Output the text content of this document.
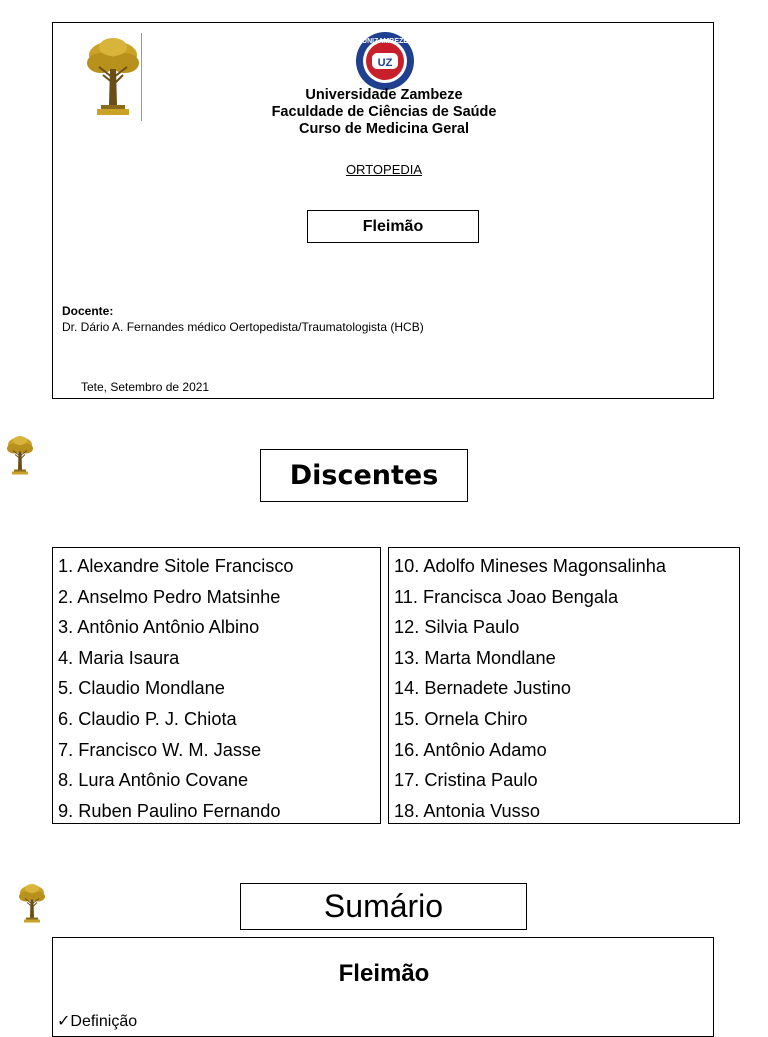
UZ
UNIZAMBEZE
Universidade Zambeze
Faculdade de Ciências de Saúde
Curso de Medicina Geral
ORTOPEDIA
Fleimão
Docente:
Dr. Dário A. Fernandes médico Oertopedista/Traumatologista (HCB)
Tete, Setembro de 2021
Discentes
1. Alexandre Sitole Francisco
2. Anselmo Pedro Matsinhe
3. Antônio Antônio Albino
4. Maria Isaura
5. Claudio Mondlane
6. Claudio P. J. Chiota
7. Francisco W. M. Jasse
8. Lura Antônio Covane
9. Ruben Paulino Fernando
10. Adolfo Mineses Magonsalinha
11. Francisca Joao Bengala
12. Silvia Paulo
13. Marta Mondlane
14. Bernadete Justino
15. Ornela Chiro
16. Antônio Adamo
17. Cristina Paulo
18. Antonia Vusso
Sumário
Fleimão
✓Definição
